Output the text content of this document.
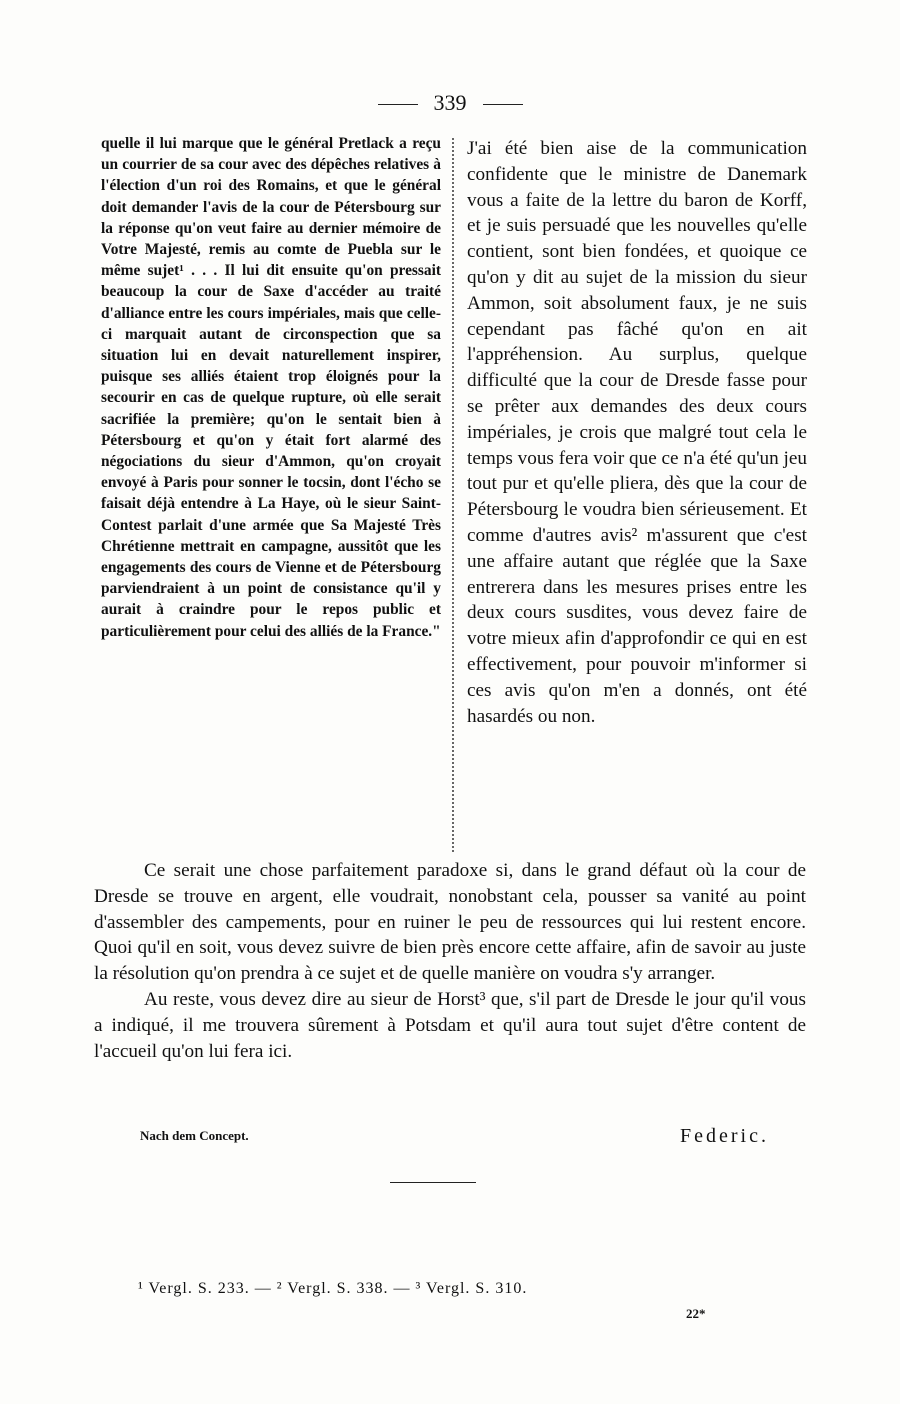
339

quelle il lui marque que le général Pretlack a reçu un courrier de sa cour avec des dépêches relatives à l'élection d'un roi des Romains, et que le général doit demander l'avis de la cour de Pétersbourg sur la réponse qu'on veut faire au dernier mémoire de Votre Majesté, remis au comte de Puebla sur le même sujet¹ . . . Il lui dit ensuite qu'on pressait beaucoup la cour de Saxe d'accéder au traité d'alliance entre les cours impériales, mais que celle-ci marquait autant de circonspection que sa situation lui en devait naturellement inspirer, puisque ses alliés étaient trop éloignés pour la secourir en cas de quelque rupture, où elle serait sacrifiée la première; qu'on le sentait bien à Pétersbourg et qu'on y était fort alarmé des négociations du sieur d'Ammon, qu'on croyait envoyé à Paris pour sonner le tocsin, dont l'écho se faisait déjà entendre à La Haye, où le sieur Saint-Contest parlait d'une armée que Sa Majesté Très Chrétienne mettrait en campagne, aussitôt que les engagements des cours de Vienne et de Pétersbourg parviendraient à un point de consistance qu'il y aurait à craindre pour le repos public et particulièrement pour celui des alliés de la France."

J'ai été bien aise de la communication confidente que le ministre de Danemark vous a faite de la lettre du baron de Korff, et je suis persuadé que les nouvelles qu'elle contient, sont bien fondées, et quoique ce qu'on y dit au sujet de la mission du sieur Ammon, soit absolument faux, je ne suis cependant pas fâché qu'on en ait l'appréhension. Au surplus, quelque difficulté que la cour de Dresde fasse pour se prêter aux demandes des deux cours impériales, je crois que malgré tout cela le temps vous fera voir que ce n'a été qu'un jeu tout pur et qu'elle pliera, dès que la cour de Pétersbourg le voudra bien sérieusement. Et comme d'autres avis² m'assurent que c'est une affaire autant que réglée que la Saxe entrerera dans les mesures prises entre les deux cours susdites, vous devez faire de votre mieux afin d'approfondir ce qui en est effectivement, pour pouvoir m'informer si ces avis qu'on m'en a donnés, ont été hasardés ou non.

Ce serait une chose parfaitement paradoxe si, dans le grand défaut où la cour de Dresde se trouve en argent, elle voudrait, nonobstant cela, pousser sa vanité au point d'assembler des campements, pour en ruiner le peu de ressources qui lui restent encore. Quoi qu'il en soit, vous devez suivre de bien près encore cette affaire, afin de savoir au juste la résolution qu'on prendra à ce sujet et de quelle manière on voudra s'y arranger.

Au reste, vous devez dire au sieur de Horst³ que, s'il part de Dresde le jour qu'il vous a indiqué, il me trouvera sûrement à Potsdam et qu'il aura tout sujet d'être content de l'accueil qu'on lui fera ici.

Nach dem Concept.	Federic.
¹ Vergl. S. 233. — ² Vergl. S. 338. — ³ Vergl. S. 310.
22*
